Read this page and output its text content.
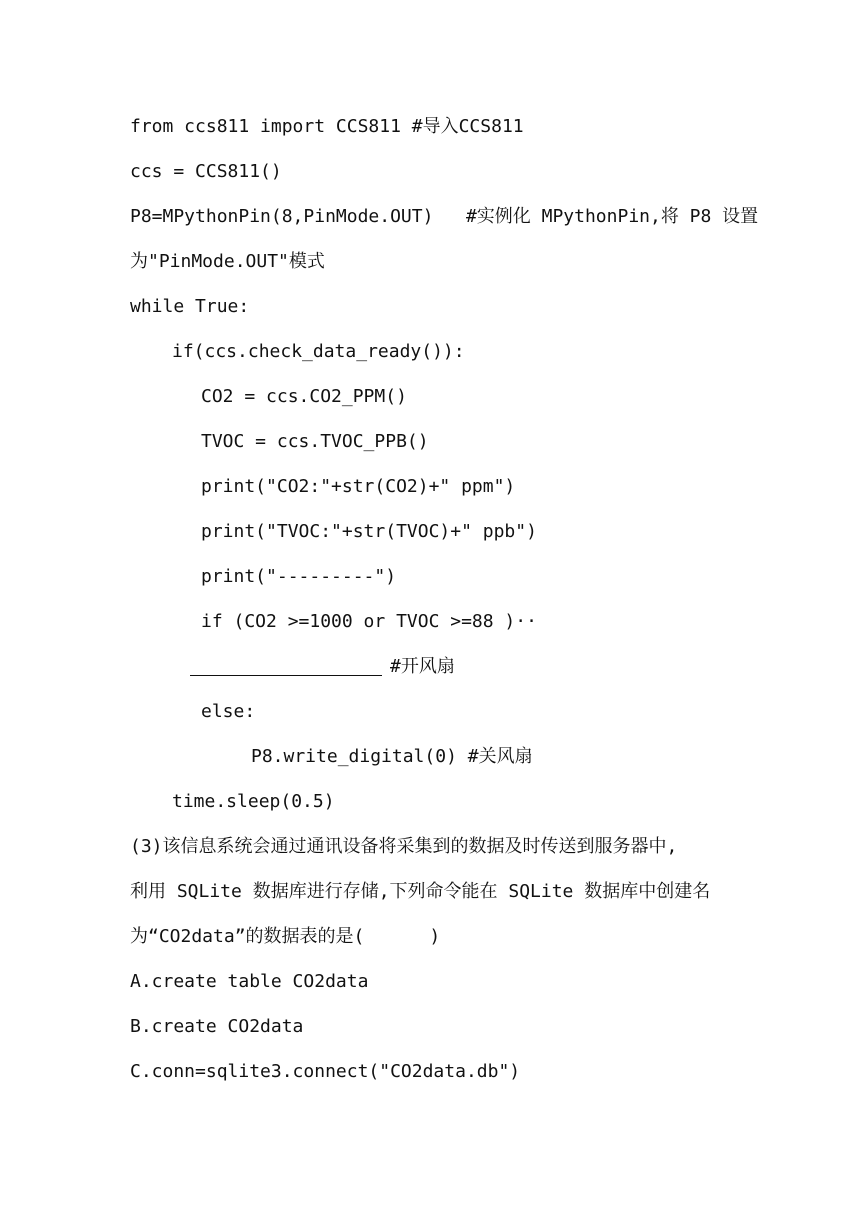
from ccs811 import CCS811 #导入CCS811
ccs = CCS811()
P8=MPythonPin(8,PinMode.OUT)   #实例化 MPythonPin,将 P8 设置
为"PinMode.OUT"模式
while True:
if(ccs.check_data_ready()):
CO2 = ccs.CO2_PPM()
TVOC = ccs.TVOC_PPB()
print("CO2:"+str(CO2)+" ppm")
print("TVOC:"+str(TVOC)+" ppb")
print("---------")
if (CO2 >=1000 or TVOC >=88 )··
#开风扇
else:
P8.write_digital(0) #关风扇
time.sleep(0.5)
(3)该信息系统会通过通讯设备将采集到的数据及时传送到服务器中,
利用 SQLite 数据库进行存储,下列命令能在 SQLite 数据库中创建名
为“CO2data”的数据表的是(      )
A.create table CO2data
B.create CO2data
C.conn=sqlite3.connect("CO2data.db")
